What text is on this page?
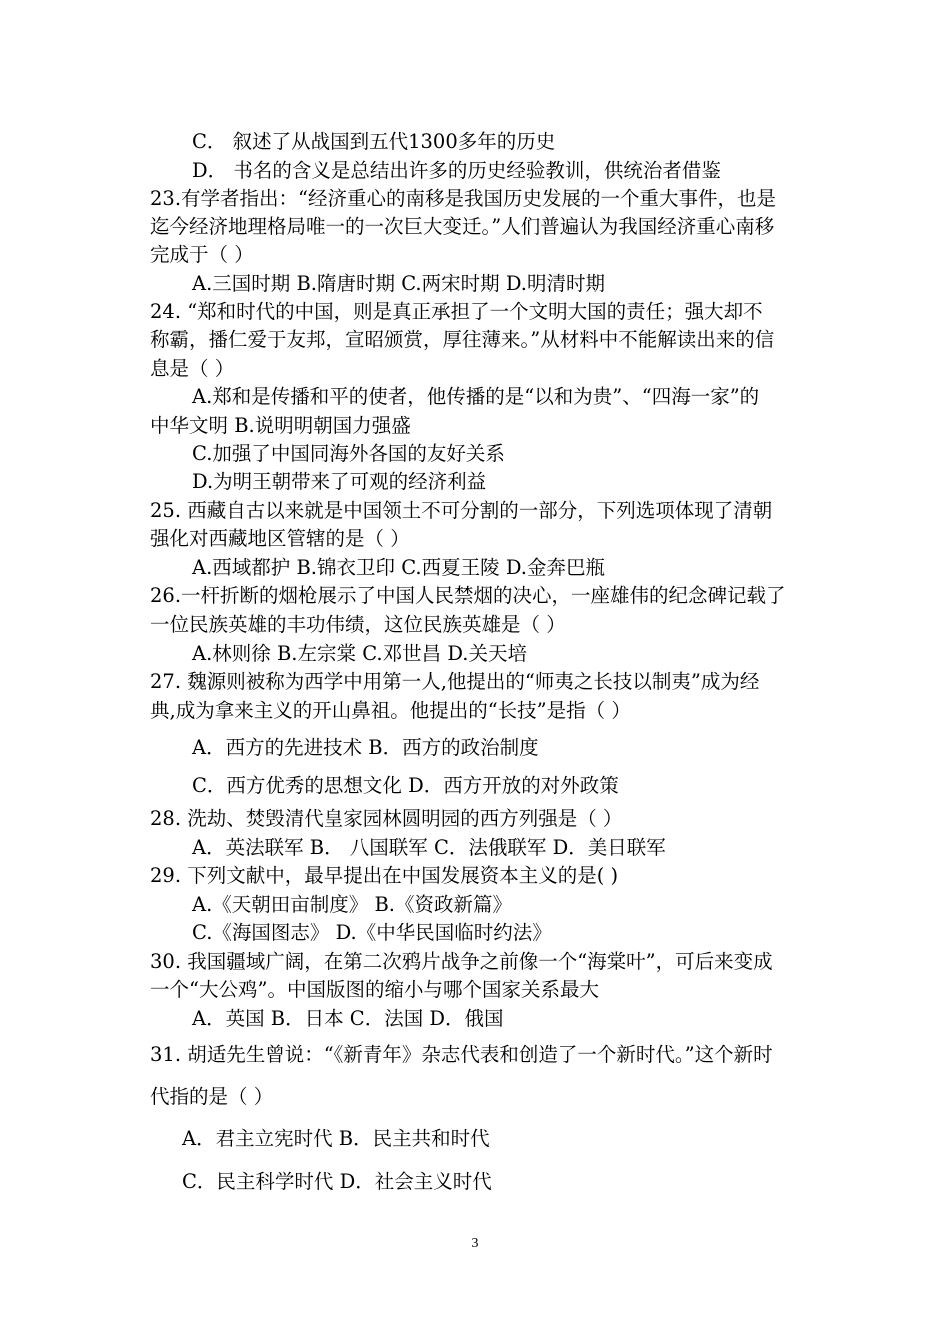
C． 叙述了从战国到五代1300多年的历史
D． 书名的含义是总结出许多的历史经验教训，供统治者借鉴
23.有学者指出：“经济重心的南移是我国历史发展的一个重大事件，也是
迄今经济地理格局唯一的一次巨大变迁。”人们普遍认为我国经济重心南移
完成于（ ）
A.三国时期 B.隋唐时期 C.两宋时期 D.明清时期
24. “郑和时代的中国，则是真正承担了一个文明大国的责任；强大却不
称霸，播仁爱于友邦，宣昭颁赏，厚往薄来。”从材料中不能解读出来的信
息是（ ）
A.郑和是传播和平的使者，他传播的是“以和为贵”、“四海一家”的
中华文明 B.说明明朝国力强盛
C.加强了中国同海外各国的友好关系
D.为明王朝带来了可观的经济利益
25. 西藏自古以来就是中国领土不可分割的一部分，下列选项体现了清朝
强化对西藏地区管辖的是（ ）
A.西域都护 B.锦衣卫印 C.西夏王陵 D.金奔巴瓶
26.一杆折断的烟枪展示了中国人民禁烟的决心，一座雄伟的纪念碑记载了
一位民族英雄的丰功伟绩，这位民族英雄是（ ）
A.林则徐 B.左宗棠 C.邓世昌 D.关天培
27. 魏源则被称为西学中用第一人,他提出的“师夷之长技以制夷”成为经
典,成为拿来主义的开山鼻祖。他提出的“长技”是指（ ）
A．西方的先进技术 B．西方的政治制度
C．西方优秀的思想文化 D．西方开放的对外政策
28. 洗劫、焚毁清代皇家园林圆明园的西方列强是（ ）
A．英法联军 B． 八国联军 C．法俄联军 D．美日联军
29. 下列文献中，最早提出在中国发展资本主义的是( )
A.《天朝田亩制度》 B.《资政新篇》
C.《海国图志》 D.《中华民国临时约法》
30. 我国疆域广阔，在第二次鸦片战争之前像一个“海棠叶”，可后来变成
一个“大公鸡”。中国版图的缩小与哪个国家关系最大
A．英国 B．日本 C．法国 D．俄国
31. 胡适先生曾说：“《新青年》杂志代表和创造了一个新时代。”这个新时
代指的是（ ）
A．君主立宪时代 B．民主共和时代
C．民主科学时代 D．社会主义时代
3
